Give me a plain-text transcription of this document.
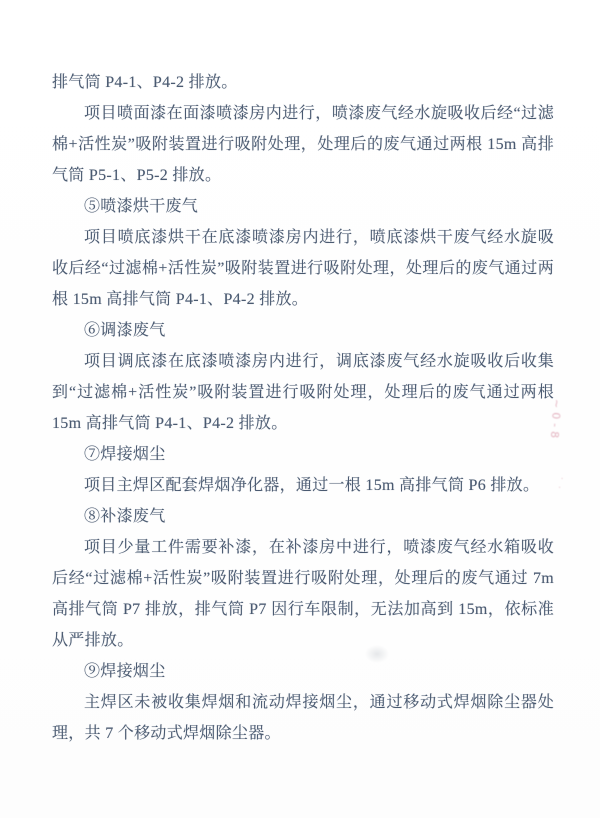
排气筒 P4-1、P4-2 排放。

项目喷面漆在面漆喷漆房内进行，喷漆废气经水旋吸收后经“过滤棉+活性炭”吸附装置进行吸附处理，处理后的废气通过两根 15m 高排气筒 P5-1、P5-2 排放。

⑤喷漆烘干废气

项目喷底漆烘干在底漆喷漆房内进行，喷底漆烘干废气经水旋吸收后经“过滤棉+活性炭”吸附装置进行吸附处理，处理后的废气通过两根 15m 高排气筒 P4-1、P4-2 排放。

⑥调漆废气

项目调底漆在底漆喷漆房内进行，调底漆废气经水旋吸收后收集到“过滤棉+活性炭”吸附装置进行吸附处理，处理后的废气通过两根 15m 高排气筒 P4-1、P4-2 排放。

⑦焊接烟尘

项目主焊区配套焊烟净化器，通过一根 15m 高排气筒 P6 排放。

⑧补漆废气

项目少量工件需要补漆，在补漆房中进行，喷漆废气经水箱吸收后经“过滤棉+活性炭”吸附装置进行吸附处理，处理后的废气通过 7m 高排气筒 P7 排放，排气筒 P7 因行车限制，无法加高到 15m，依标准从严排放。

⑨焊接烟尘

主焊区未被收集焊烟和流动焊接烟尘，通过移动式焊烟除尘器处理，共 7 个移动式焊烟除尘器。

~0-8
·.
